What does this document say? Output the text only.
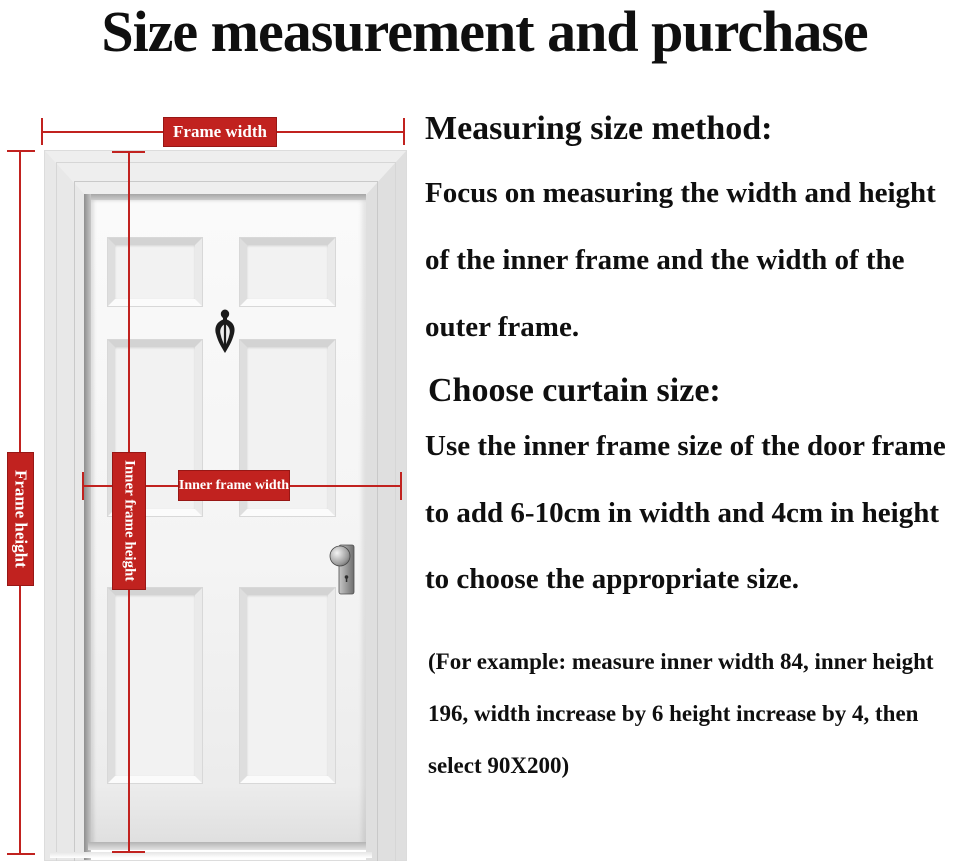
Size measurement and purchase
Frame width
Frame height	Inner frame height	Inner frame width
Measuring size method:
Focus on measuring the width and height
of the inner frame and the width of the
outer frame.
Choose curtain size:
Use the inner frame size of the door frame
to add 6-10cm in width and 4cm in height
to choose the appropriate size.
(For example: measure inner width 84, inner height
196, width increase by 6 height increase by 4, then
select 90X200)
